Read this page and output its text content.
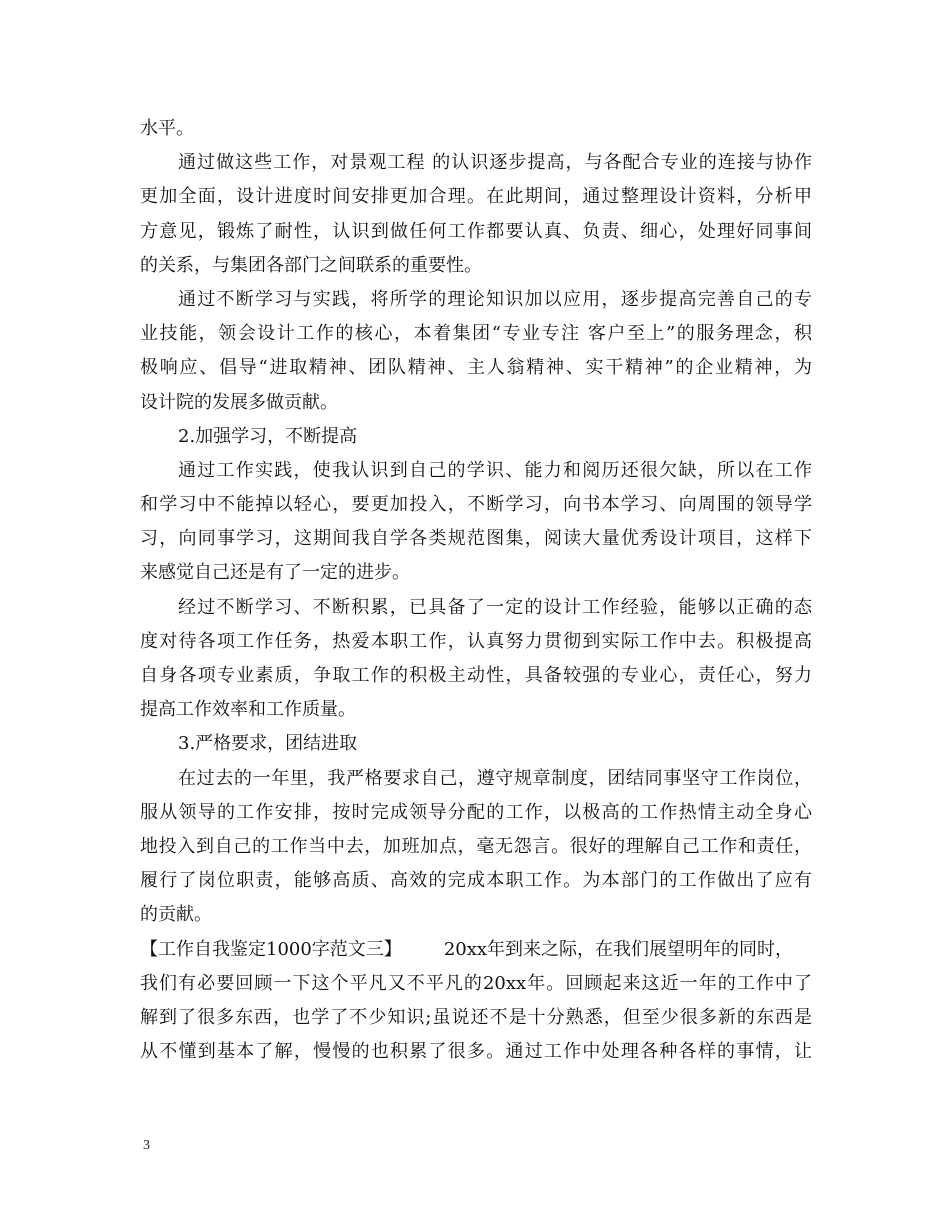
水平。
通过做这些工作，对景观工程 的认识逐步提高，与各配合专业的连接与协作
更加全面，设计进度时间安排更加合理。在此期间，通过整理设计资料，分析甲
方意见，锻炼了耐性，认识到做任何工作都要认真、负责、细心，处理好同事间
的关系，与集团各部门之间联系的重要性。
通过不断学习与实践，将所学的理论知识加以应用，逐步提高完善自己的专
业技能，领会设计工作的核心，本着集团“专业专注 客户至上”的服务理念，积
极响应、倡导“进取精神、团队精神、主人翁精神、实干精神”的企业精神，为
设计院的发展多做贡献。
2.加强学习，不断提高
通过工作实践，使我认识到自己的学识、能力和阅历还很欠缺，所以在工作
和学习中不能掉以轻心，要更加投入，不断学习，向书本学习、向周围的领导学
习，向同事学习，这期间我自学各类规范图集，阅读大量优秀设计项目，这样下
来感觉自己还是有了一定的进步。
经过不断学习、不断积累，已具备了一定的设计工作经验，能够以正确的态
度对待各项工作任务，热爱本职工作，认真努力贯彻到实际工作中去。积极提高
自身各项专业素质，争取工作的积极主动性，具备较强的专业心，责任心，努力
提高工作效率和工作质量。
3.严格要求，团结进取
在过去的一年里，我严格要求自己，遵守规章制度，团结同事坚守工作岗位，
服从领导的工作安排，按时完成领导分配的工作，以极高的工作热情主动全身心
地投入到自己的工作当中去，加班加点，毫无怨言。很好的理解自己工作和责任，
履行了岗位职责，能够高质、高效的完成本职工作。为本部门的工作做出了应有
的贡献。
【工作自我鉴定1000字范文三】 20xx年到来之际，在我们展望明年的同时，
我们有必要回顾一下这个平凡又不平凡的20xx年。回顾起来这近一年的工作中了
解到了很多东西，也学了不少知识;虽说还不是十分熟悉，但至少很多新的东西是
从不懂到基本了解，慢慢的也积累了很多。通过工作中处理各种各样的事情，让
3
